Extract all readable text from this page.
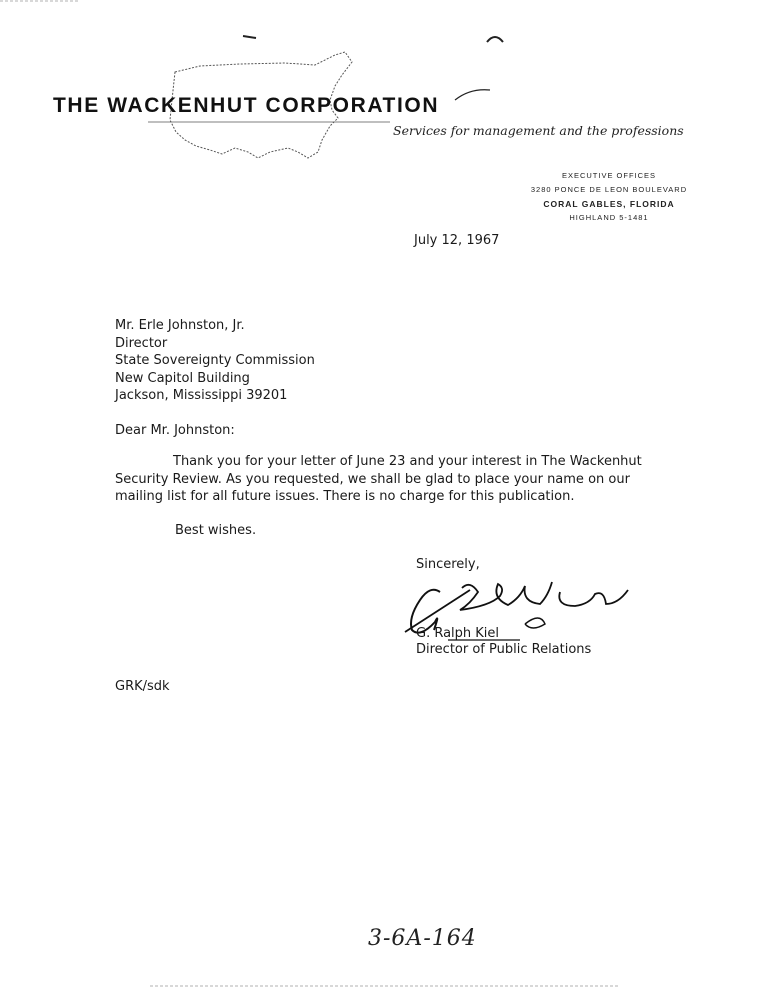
THE WACKENHUT CORPORATION
Services for management and the professions
EXECUTIVE OFFICES
3280 PONCE DE LEON BOULEVARD
CORAL GABLES, FLORIDA
HIGHLAND 5-1481
July 12, 1967
Mr. Erle Johnston, Jr.
Director
State Sovereignty Commission
New Capitol Building
Jackson, Mississippi 39201
Dear Mr. Johnston:
Thank you for your letter of June 23 and your interest in The Wackenhut Security Review. As you requested, we shall be glad to place your name on our mailing list for all future issues. There is no charge for this publication.
Best wishes.
Sincerely,
G. Ralph Kiel
Director of Public Relations
GRK/sdk
3-6A-164
